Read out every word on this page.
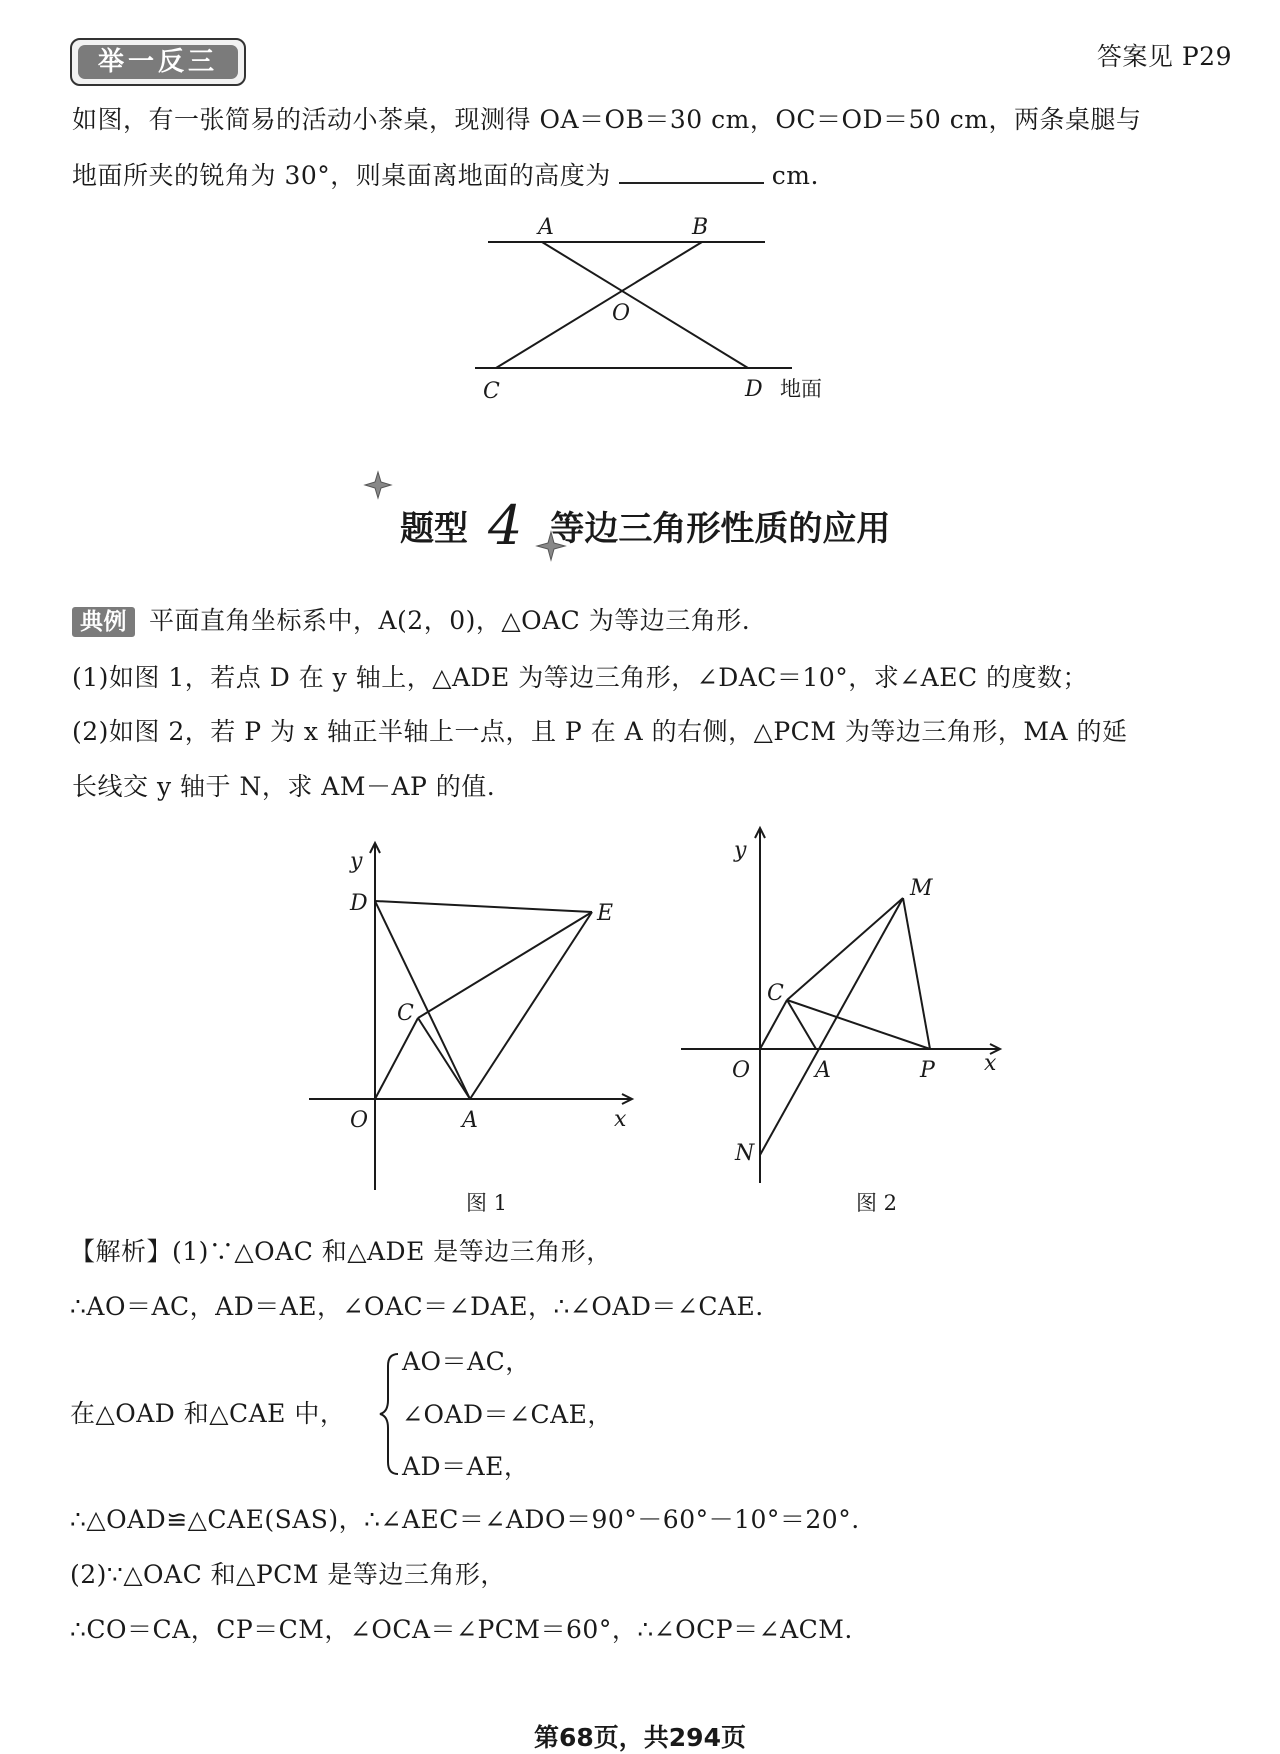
举一反三	答案见 P29
如图，有一张简易的活动小茶桌，现测得 OA＝OB＝30 cm，OC＝OD＝50 cm，两条桌腿与
地面所夹的锐角为 30°，则桌面离地面的高度为	cm.
A	B
O
C	D 地面
y
x
O	A
C
D	E
图 1
y
x
O	A
C
M
P
N
图 2
题型 4 等边三角形性质的应用
典例 平面直角坐标系中，A(2，0)，△OAC 为等边三角形.
(1)如图 1，若点 D 在 y 轴上，△ADE 为等边三角形，∠DAC＝10°，求∠AEC 的度数；
(2)如图 2，若 P 为 x 轴正半轴上一点，且 P 在 A 的右侧，△PCM 为等边三角形，MA 的延
长线交 y 轴于 N，求 AM－AP 的值.
【解析】(1)∵△OAC 和△ADE 是等边三角形，
∴AO＝AC，AD＝AE，∠OAC＝∠DAE，∴∠OAD＝∠CAE.
在△OAD 和△CAE 中，
AO＝AC，
∠OAD＝∠CAE，
AD＝AE，
∴△OAD≌△CAE(SAS)，∴∠AEC＝∠ADO＝90°－60°－10°＝20°.
(2)∵△OAC 和△PCM 是等边三角形，
∴CO＝CA，CP＝CM，∠OCA＝∠PCM＝60°，∴∠OCP＝∠ACM.
第68页，共294页
